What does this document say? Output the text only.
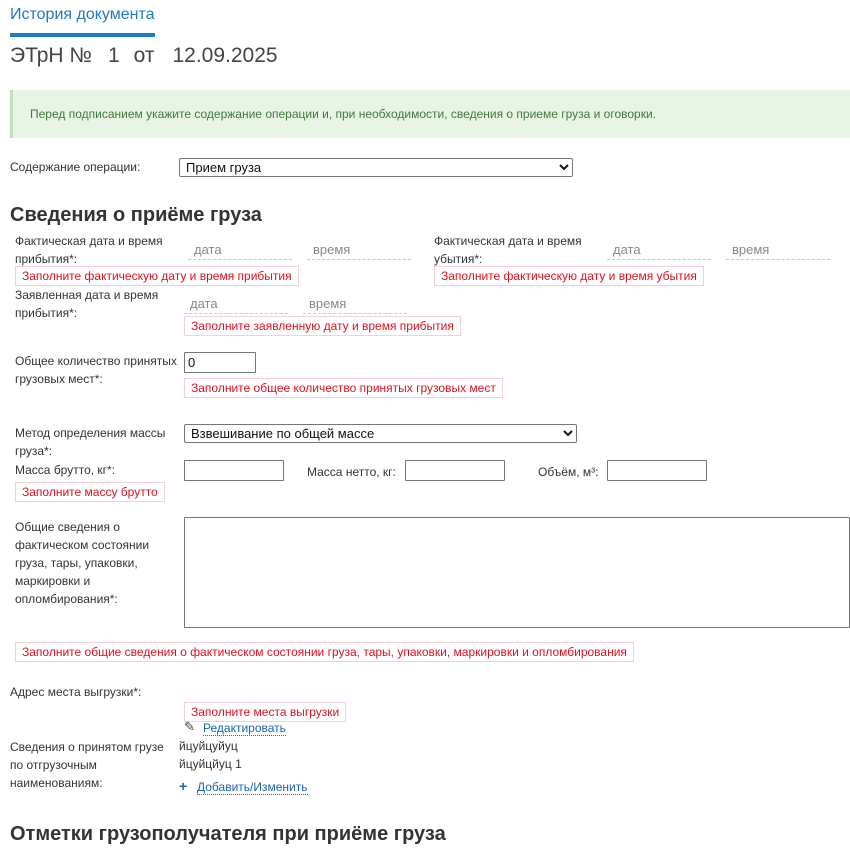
История документа
ЭТрН № 1 от 12.09.2025
Перед подписанием укажите содержание операции и, при необходимости, сведения о приеме груза и оговорки.
Содержание операции:
Прием груза
Сведения о приёме груза
Фактическая дата и время
прибытия*:
дата
время
Заполните фактическую дату и время прибытия
Фактическая дата и время
убытия*:
дата
время
Заполните фактическую дату и время убытия
Заявленная дата и время
прибытия*:
дата
время
Заполните заявленную дату и время прибытия
Общее количество принятых
грузовых мест*:
0
Заполните общее количество принятых грузовых мест
Метод определения массы
груза*:
Взвешивание по общей массе
Масса брутто, кг*:	Масса нетто, кг:	Объём, м³:
Заполните массу брутто
Общие сведения о
фактическом состоянии
груза, тары, упаковки,
маркировки и
опломбирования*:
Заполните общие сведения о фактическом состоянии груза, тары, упаковки, маркировки и опломбирования
Адрес места выгрузки*:
Заполните места выгрузки
✎ Редактировать
Сведения о принятом грузе
по отгрузочным
наименованиям:
йцуйцуйуц
йцуйцйуц 1
+ Добавить/Изменить
Отметки грузополучателя при приёме груза
